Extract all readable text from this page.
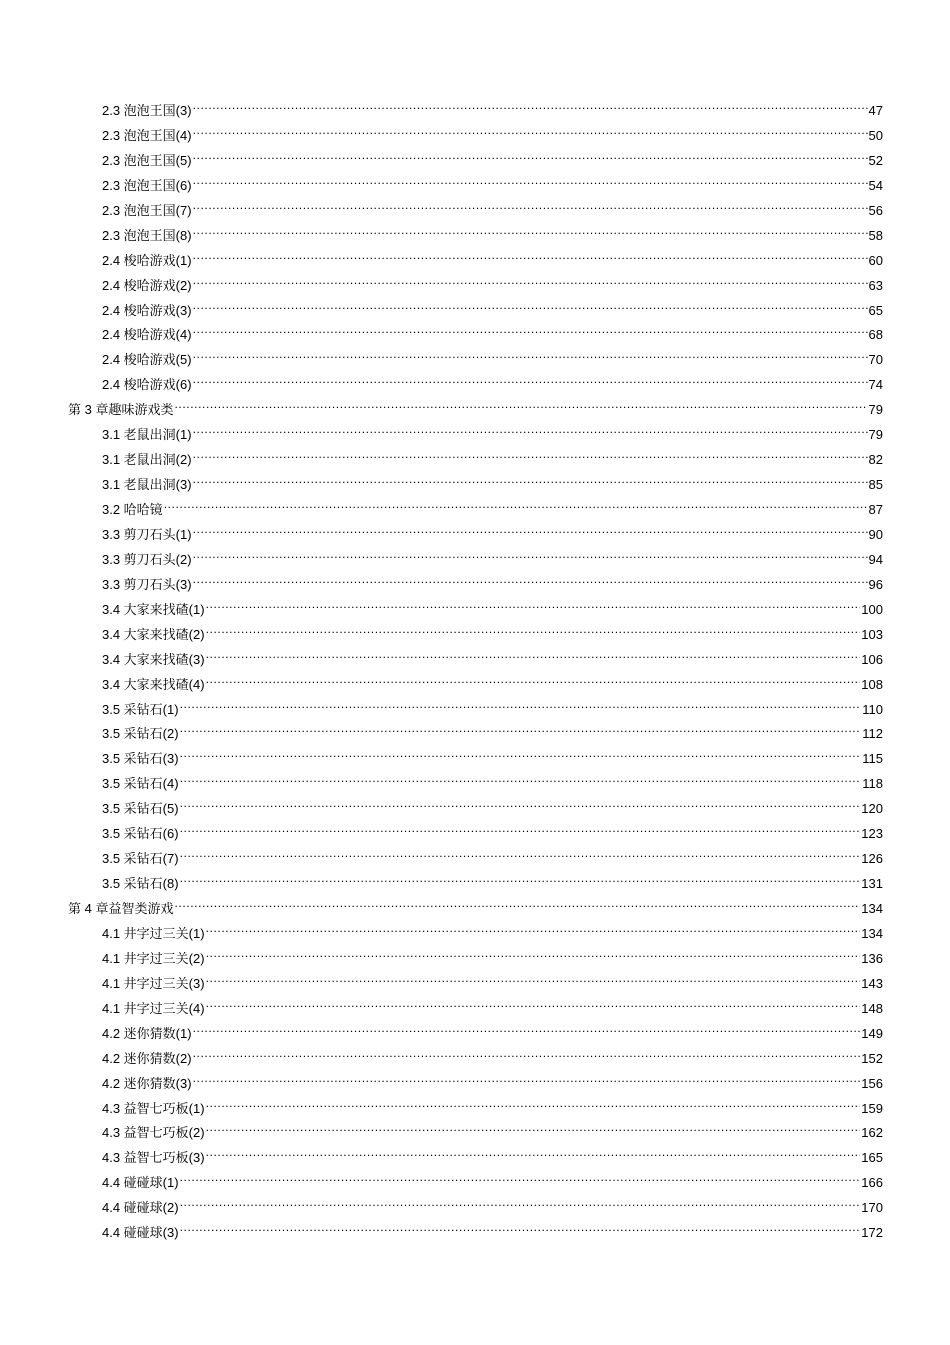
2.3 泡泡王国(3) .....	47
2.3 泡泡王国(4) .....	50
2.3 泡泡王国(5) .....	52
2.3 泡泡王国(6) .....	54
2.3 泡泡王国(7) .....	56
2.3 泡泡王国(8) .....	58
2.4 梭哈游戏(1) .....	60
2.4 梭哈游戏(2) .....	63
2.4 梭哈游戏(3) .....	65
2.4 梭哈游戏(4) .....	68
2.4 梭哈游戏(5) .....	70
2.4 梭哈游戏(6) .....	74
第 3 章趣味游戏类 .....	79
3.1 老鼠出洞(1) .....	79
3.1 老鼠出洞(2) .....	82
3.1 老鼠出洞(3) .....	85
3.2 哈哈镜 .....	87
3.3 剪刀石头(1) .....	90
3.3 剪刀石头(2) .....	94
3.3 剪刀石头(3) .....	96
3.4 大家来找碴(1) .....	100
3.4 大家来找碴(2) .....	103
3.4 大家来找碴(3) .....	106
3.4 大家来找碴(4) .....	108
3.5 采钻石(1) .....	110
3.5 采钻石(2) .....	112
3.5 采钻石(3) .....	115
3.5 采钻石(4) .....	118
3.5 采钻石(5) .....	120
3.5 采钻石(6) .....	123
3.5 采钻石(7) .....	126
3.5 采钻石(8) .....	131
第 4 章益智类游戏 .....	134
4.1 井字过三关(1) .....	134
4.1 井字过三关(2) .....	136
4.1 井字过三关(3) .....	143
4.1 井字过三关(4) .....	148
4.2 迷你猜数(1) .....	149
4.2 迷你猜数(2) .....	152
4.2 迷你猜数(3) .....	156
4.3 益智七巧板(1) .....	159
4.3 益智七巧板(2) .....	162
4.3 益智七巧板(3) .....	165
4.4 碰碰球(1) .....	166
4.4 碰碰球(2) .....	170
4.4 碰碰球(3) .....	172
